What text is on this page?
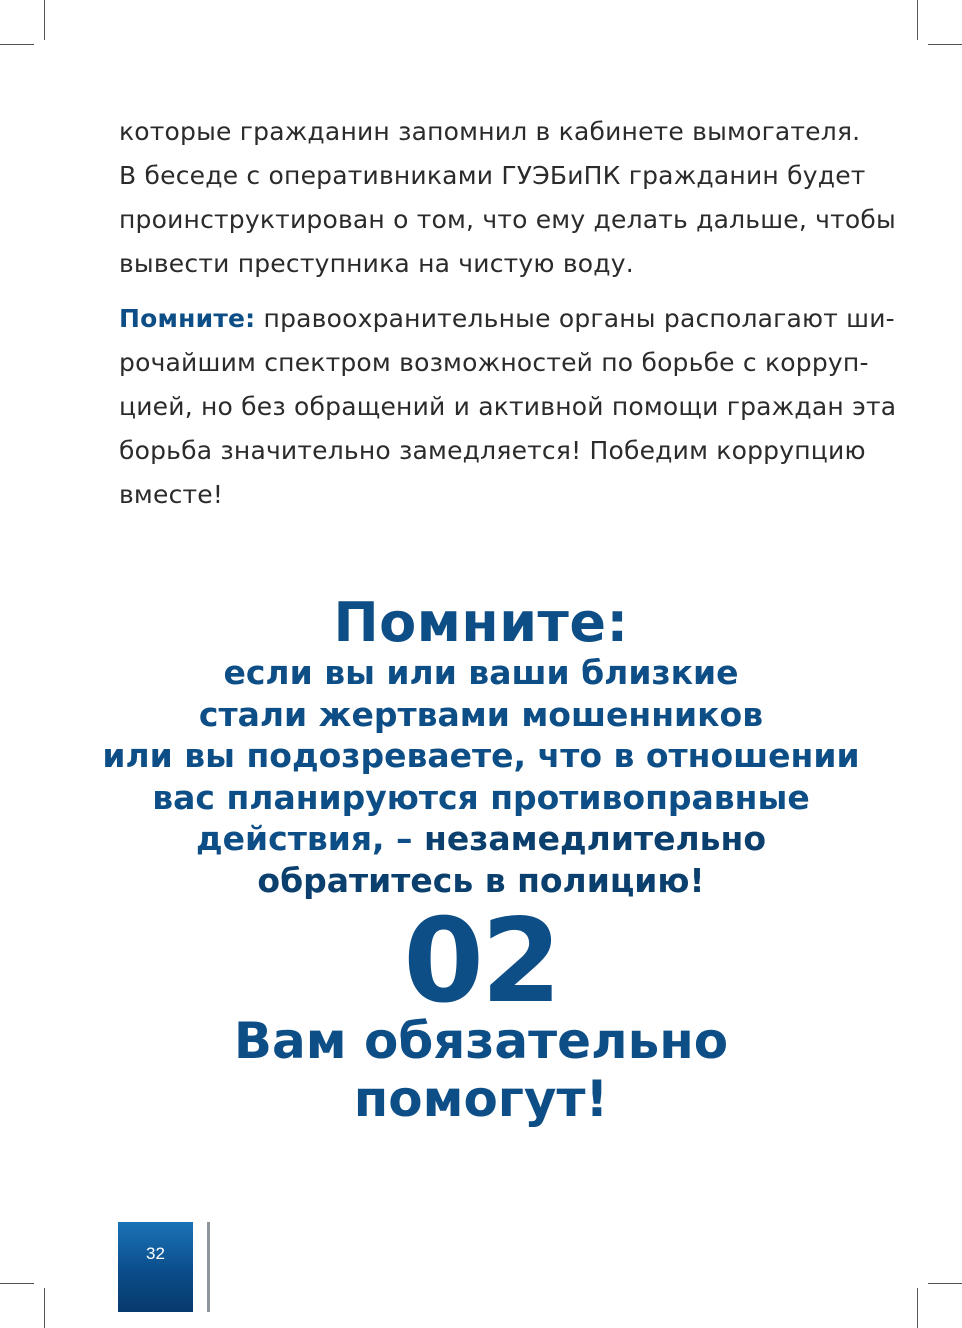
которые гражданин запомнил в кабинете вымогателя.
В беседе с оперативниками ГУЭБиПК гражданин будет
проинструктирован о том, что ему делать дальше, чтобы
вывести преступника на чистую воду.

Помните: правоохранительные органы располагают ши-
рочайшим спектром возможностей по борьбе с корруп-
цией, но без обращений и активной помощи граждан эта
борьба значительно замедляется! Победим коррупцию
вместе!

Помните:
если вы или ваши близкие
стали жертвами мошенников
или вы подозреваете, что в отношении
вас планируются противоправные
действия, – незамедлительно
обратитесь в полицию!
02
Вам обязательно
помогут!
32
